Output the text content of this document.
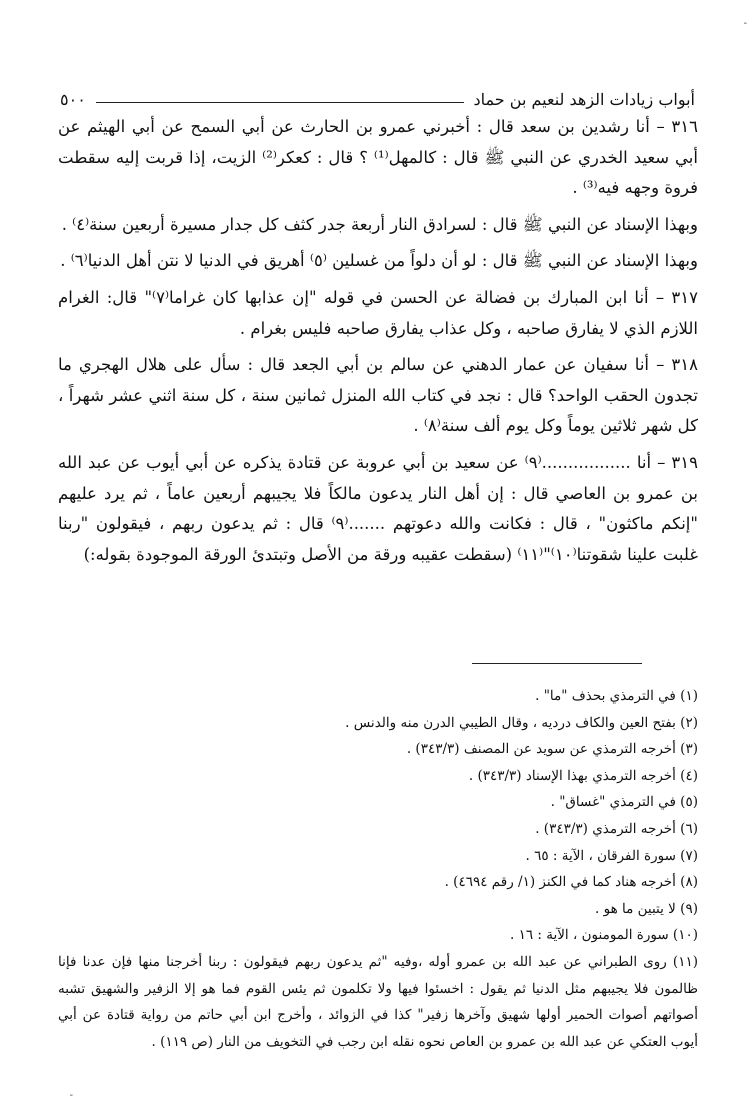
أبواب زيادات الزهد لنعيم بن حماد
٥٠٠

٣١٦ – أنا رشدين بن سعد قال : أخبرني عمرو بن الحارث عن أبي السمح عن أبي الهيثم عن أبي سعيد الخدري عن النبي ﷺ قال : كالمهل⁽¹⁾ ؟ قال : كعكر⁽²⁾ الزيت، إذا قربت إليه سقطت فروة وجهه فيه⁽³⁾ .

وبهذا الإسناد عن النبي ﷺ قال : لسرادق النار أربعة جدر كثف كل جدار مسيرة أربعين سنة⁽٤⁾ .

وبهذا الإسناد عن النبي ﷺ قال : لو أن دلواً من غسلين ⁽٥⁾ أهريق في الدنيا لا نتن أهل الدنيا⁽٦⁾ .

٣١٧ – أنا ابن المبارك بن فضالة عن الحسن في قوله "إن عذابها كان غراما⁽٧⁾" قال: الغرام اللازم الذي لا يفارق صاحبه ، وكل عذاب يفارق صاحبه فليس بغرام .

٣١٨ – أنا سفيان عن عمار الدهني عن سالم بن أبي الجعد قال : سأل على هلال الهجري ما تجدون الحقب الواحد؟ قال : نجد في كتاب الله المنزل ثمانين سنة ، كل سنة اثني عشر شهراً ، كل شهر ثلاثين يوماً وكل يوم ألف سنة⁽٨⁾ .

٣١٩ – أنا .................⁽٩⁾ عن سعيد بن أبي عروبة عن قتادة يذكره عن أبي أيوب عن عبد الله بن عمرو بن العاصي قال : إن أهل النار يدعون مالكاً فلا يجيبهم أربعين عاماً ، ثم يرد عليهم "إنكم ماكثون" ، قال : فكانت والله دعوتهم .......⁽٩⁾ قال : ثم يدعون ربهم ، فيقولون "ربنا غلبت علينا شقوتنا⁽١٠⁾"⁽١١⁾ (سقطت عقيبه ورقة من الأصل وتبتدئ الورقة الموجودة بقوله:)

(١) في الترمذي بحذف "ما" .

(٢) بفتح العين والكاف درديه ، وقال الطيبي الدرن منه والدنس .

(٣) أخرجه الترمذي عن سويد عن المصنف (٣٤٣/٣) .

(٤) أخرجه الترمذي بهذا الإسناد (٣٤٣/٣) .

(٥) في الترمذي "غساق" .

(٦) أخرجه الترمذي (٣٤٣/٣) .

(٧) سورة الفرقان ، الآية : ٦٥ .

(٨) أخرجه هناد كما في الكنز (١/ رقم ٤٦٩٤) .

(٩) لا يتبين ما هو .

(١٠) سورة المومنون ، الآية : ١٦ .

(١١) روى الطبراني عن عبد الله بن عمرو أوله ،وفيه "ثم يدعون ربهم فيقولون : ربنا أخرجنا منها فإن عدنا فإنا ظالمون فلا يجيبهم مثل الدنيا ثم يقول : اخسئوا فيها ولا تكلمون ثم يئس القوم فما هو إلا الزفير والشهيق تشبه أصواتهم أصوات الحمير أولها شهيق وآخرها زفير" كذا في الزوائد ، وأخرج ابن أبي حاتم من رواية قتادة عن أبي أيوب العتكي عن عبد الله بن عمرو بن العاص نحوه نقله ابن رجب في التخويف من النار (ص ١١٩) .

-
-
